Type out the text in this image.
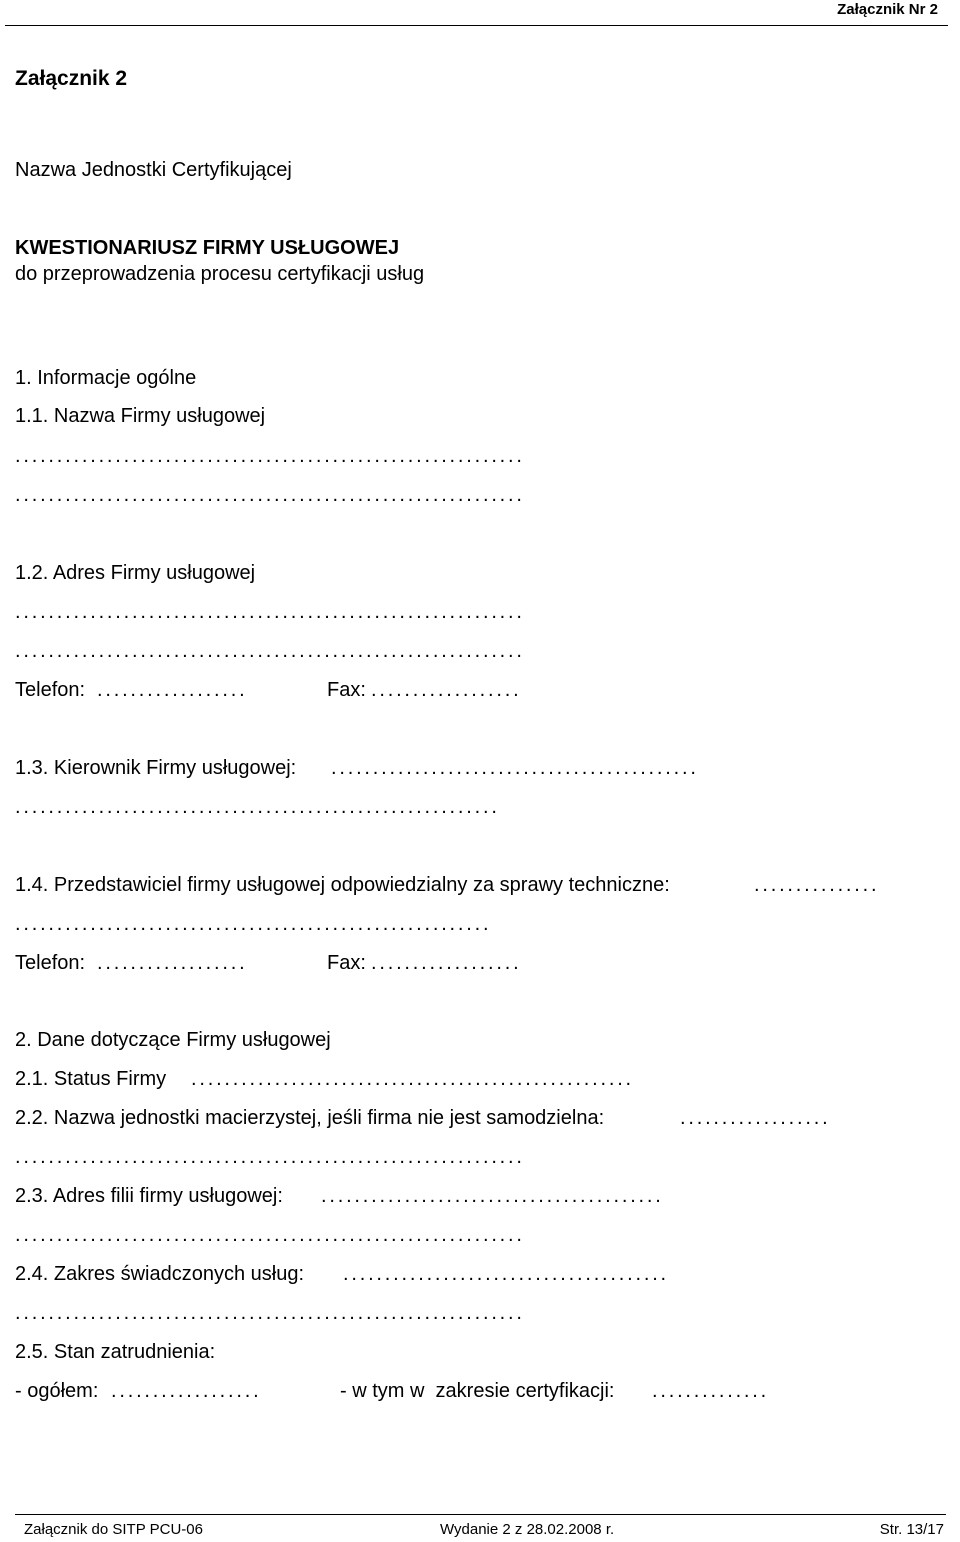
Załącznik Nr 2
Załącznik 2
Nazwa Jednostki Certyfikującej
KWESTIONARIUSZ FIRMY USŁUGOWEJ
do przeprowadzenia procesu certyfikacji usług
1. Informacje ogólne
1.1. Nazwa Firmy usługowej
.............................................................
.............................................................
1.2. Adres Firmy usługowej
.............................................................
.............................................................
Telefon: ..................	Fax: ..................
1.3. Kierownik Firmy usługowej: ............................................
..........................................................
1.4. Przedstawiciel firmy usługowej odpowiedzialny za sprawy techniczne:	...............
.........................................................
Telefon: ..................	Fax: ..................
2. Dane dotyczące Firmy usługowej
2.1. Status Firmy .....................................................
2.2. Nazwa jednostki macierzystej, jeśli firma nie jest samodzielna:	..................
.............................................................
2.3. Adres filii firmy usługowej: .........................................
.............................................................
2.4. Zakres świadczonych usług: .......................................
.............................................................
2.5. Stan zatrudnienia:
- ogółem: ..................	- w tym w  zakresie certyfikacji: ..............
Załącznik do SITP PCU-06	Wydanie 2 z 28.02.2008 r.	Str. 13/17
